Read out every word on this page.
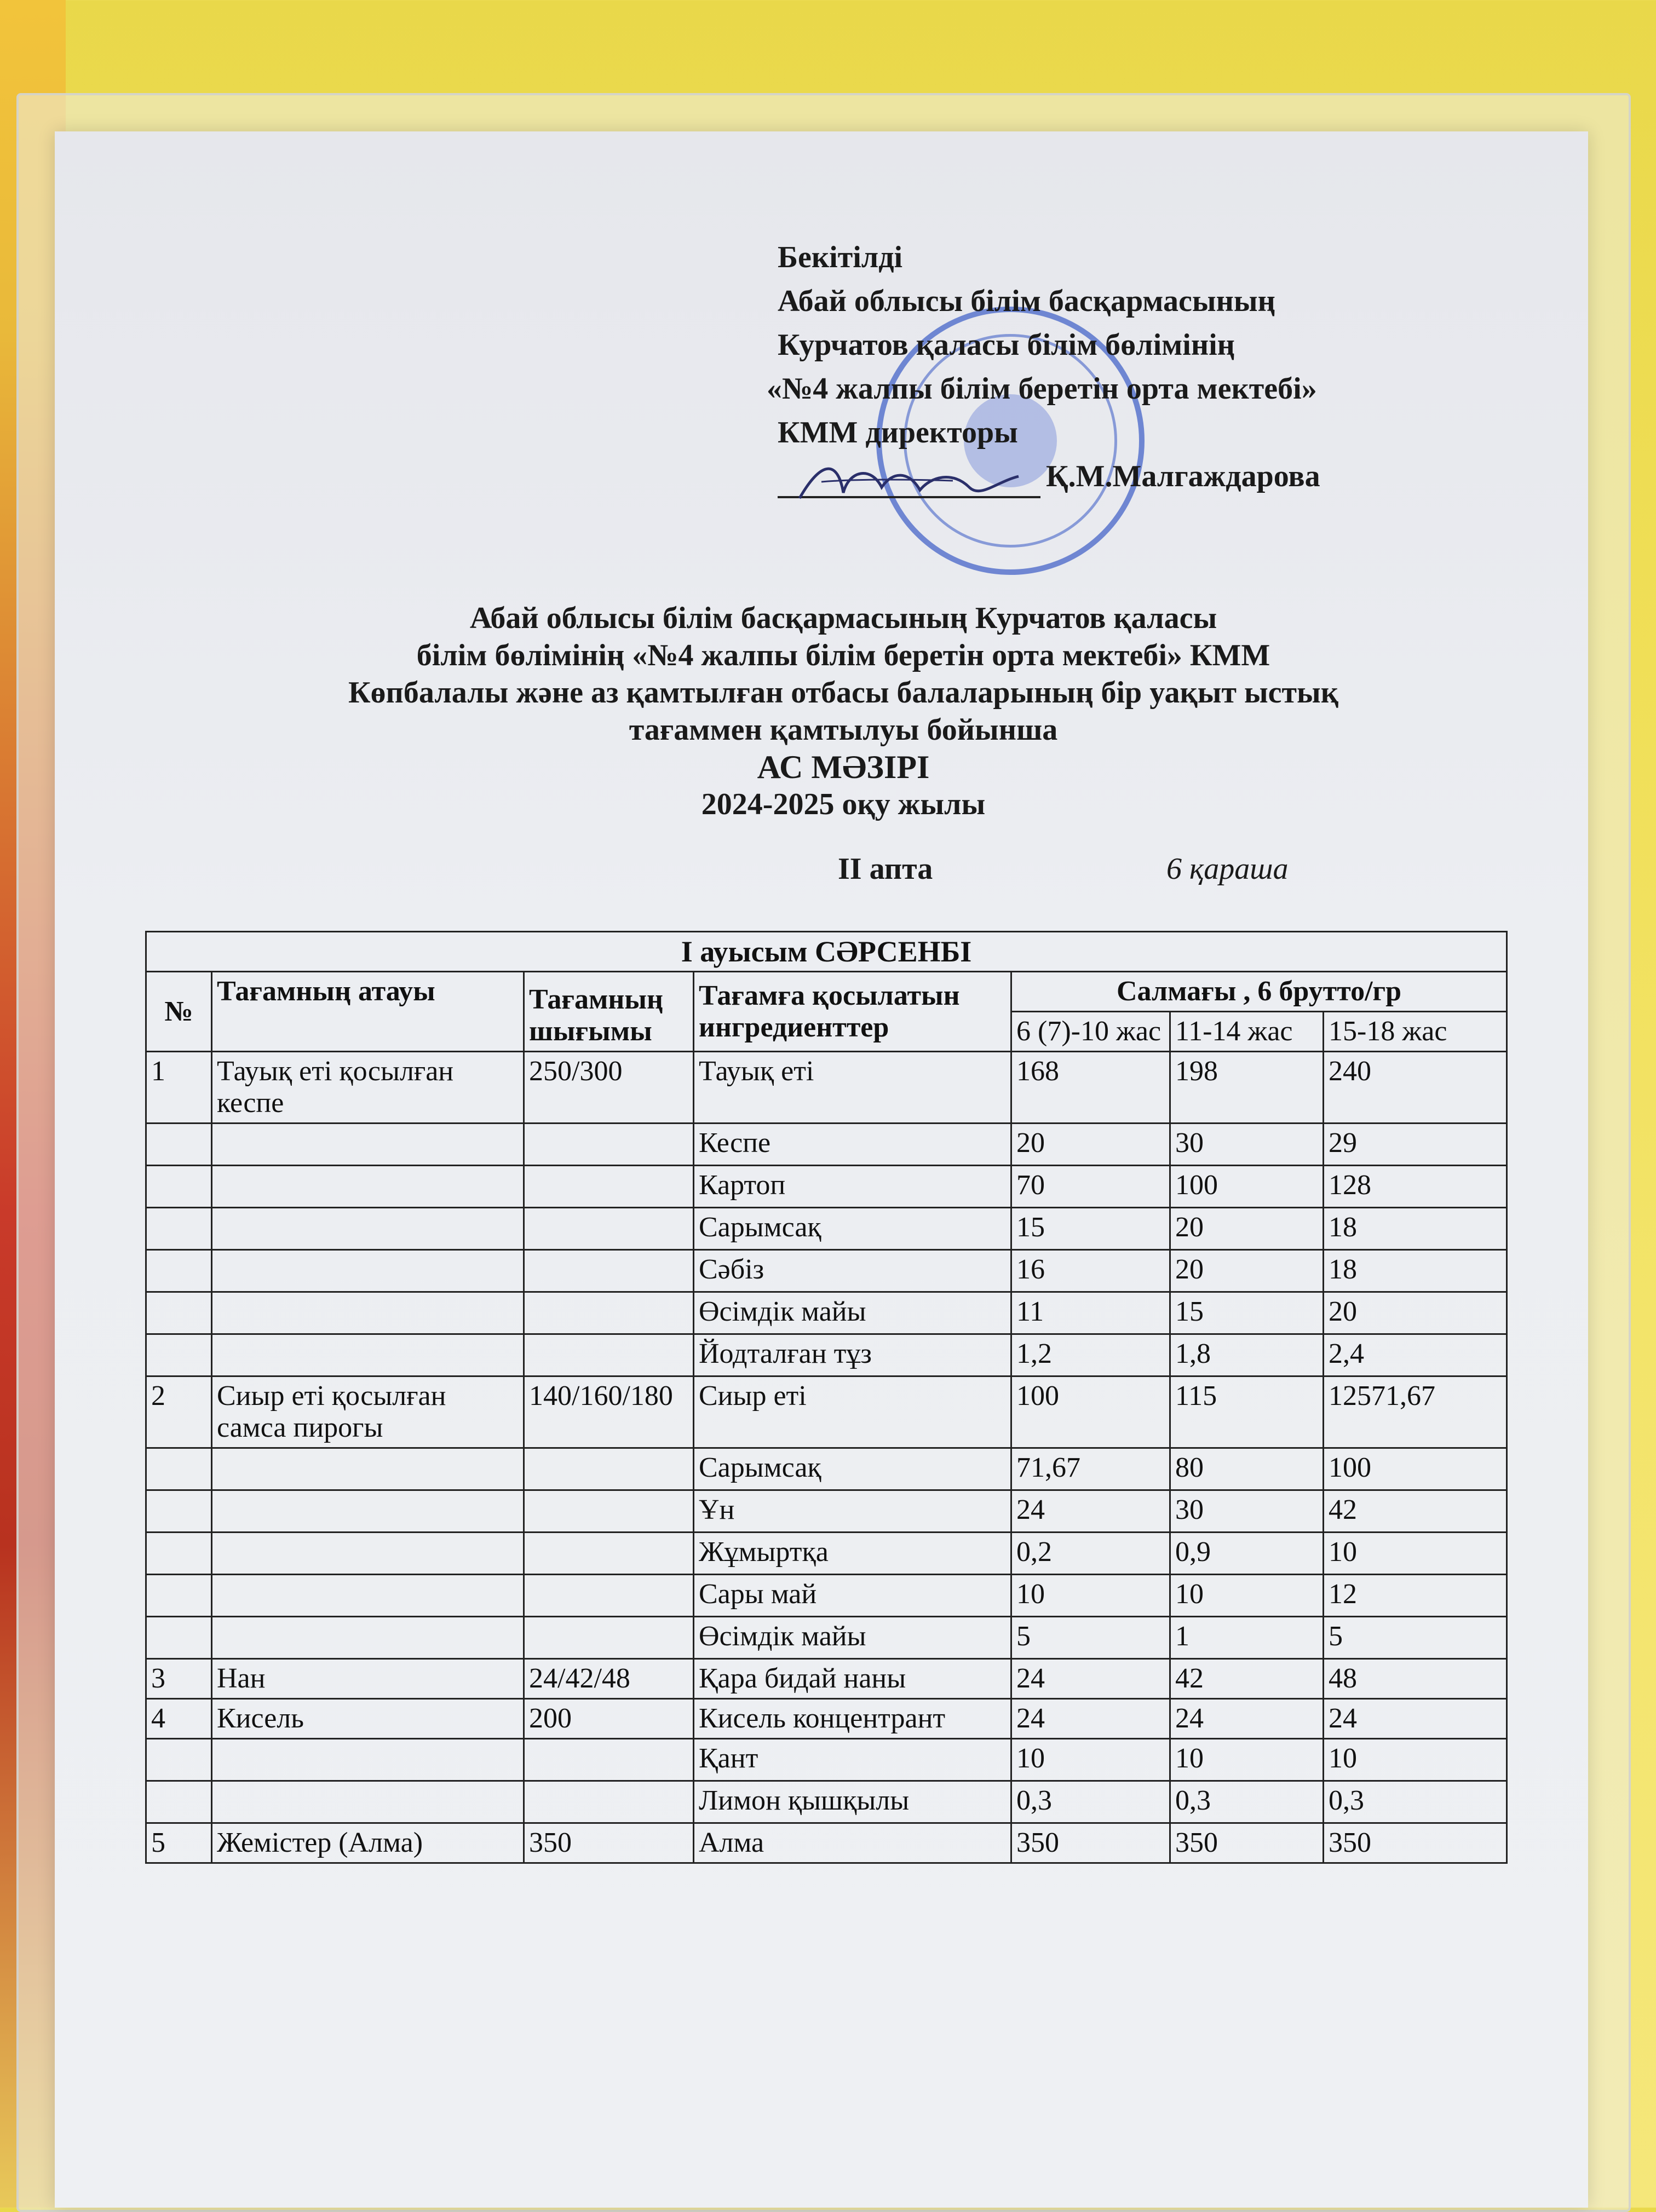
Бекітілді
Абай облысы білім басқармасының
Курчатов қаласы білім бөлімінің
«№4 жалпы білім беретін орта мектебі»
КММ директоры
Қ.М.Малгаждарова
Абай облысы білім басқармасының Курчатов қаласы
білім бөлімінің «№4 жалпы білім беретін орта мектебі» КММ
Көпбалалы және аз қамтылған отбасы балаларының бір уақыт ыстық
тағаммен қамтылуы бойынша
АС МӘЗІРІ
2024-2025 оқу жылы
ІІ апта	6 қараша
І ауысым СӘРСЕНБІ						
№	Тағамның атауы	Тағамның шығымы	Тағамға қосылатын ингредиенттер	Салмағы , 6 брутто/гр		
				6 (7)-10 жас	11-14 жас	15-18 жас
1	Тауық еті қосылған кеспе	250/300	Тауық еті	168	198	240
			Кеспе	20	30	29
			Картоп	70	100	128
			Сарымсақ	15	20	18
			Сәбіз	16	20	18
			Өсімдік майы	11	15	20
			Йодталған тұз	1,2	1,8	2,4
2	Сиыр еті қосылған самса пирогы	140/160/180	Сиыр еті	100	115	12571,67
			Сарымсақ	71,67	80	100
			Ұн	24	30	42
			Жұмыртқа	0,2	0,9	10
			Сары май	10	10	12
			Өсімдік майы	5	1	5
3	Нан	24/42/48	Қара бидай наны	24	42	48
4	Кисель	200	Кисель концентрант	24	24	24
			Қант	10	10	10
			Лимон қышқылы	0,3	0,3	0,3
5	Жемістер (Алма)	350	Алма	350	350	350
